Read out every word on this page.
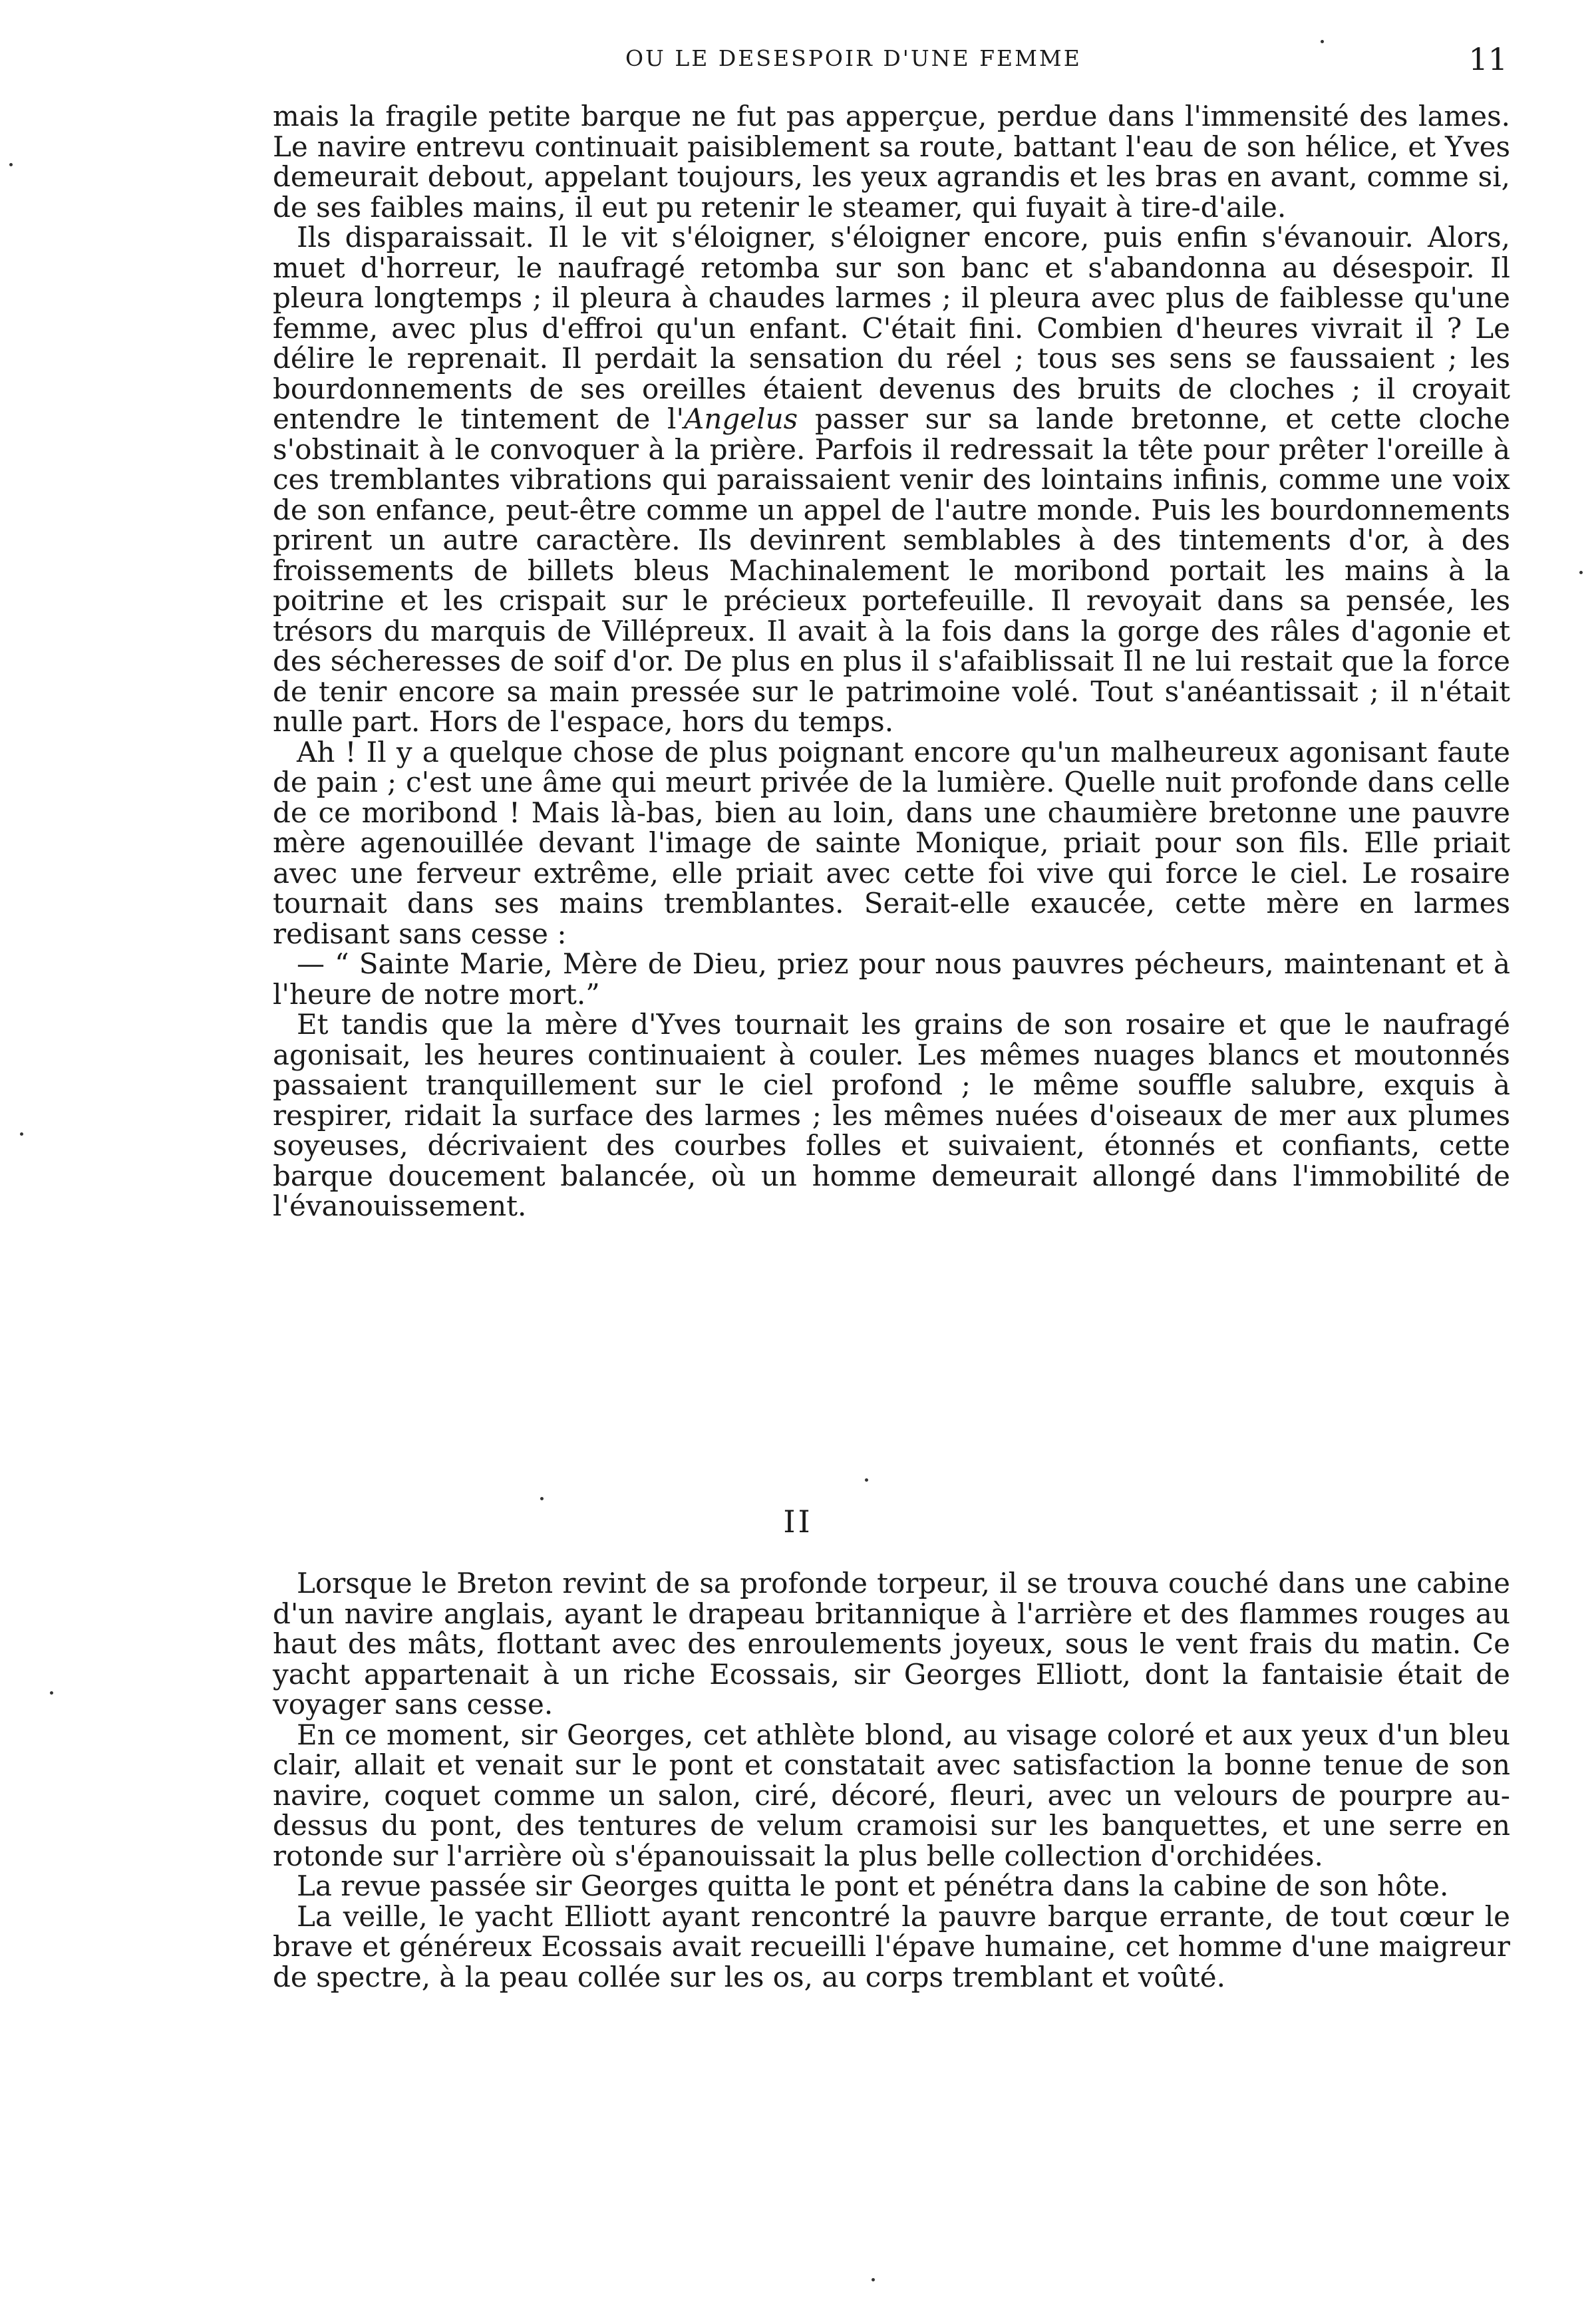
OU LE DESESPOIR D'UNE FEMME	11

mais la fragile petite barque ne fut pas apperçue, perdue dans l'immensité des lames. Le navire entrevu continuait paisiblement sa route, battant l'eau de son hélice, et Yves demeurait debout, appelant toujours, les yeux agrandis et les bras en avant, comme si, de ses faibles mains, il eut pu retenir le steamer, qui fuyait à tire-d'aile.

Ils disparaissait. Il le vit s'éloigner, s'éloigner encore, puis enfin s'évanouir. Alors, muet d'horreur, le naufragé retomba sur son banc et s'abandonna au désespoir. Il pleura longtemps ; il pleura à chaudes larmes ; il pleura avec plus de faiblesse qu'une femme, avec plus d'effroi qu'un enfant. C'était fini. Combien d'heures vivrait il ? Le délire le reprenait. Il perdait la sensation du réel ; tous ses sens se faussaient ; les bourdonnements de ses oreilles étaient devenus des bruits de cloches ; il croyait entendre le tintement de l'Angelus passer sur sa lande bretonne, et cette cloche s'obstinait à le convoquer à la prière. Parfois il redressait la tête pour prêter l'oreille à ces tremblantes vibrations qui paraissaient venir des lointains infinis, comme une voix de son enfance, peut-être comme un appel de l'autre monde. Puis les bourdonnements prirent un autre caractère. Ils devinrent semblables à des tintements d'or, à des froissements de billets bleus Machinalement le moribond portait les mains à la poitrine et les crispait sur le précieux portefeuille. Il revoyait dans sa pensée, les trésors du marquis de Villépreux. Il avait à la fois dans la gorge des râles d'agonie et des sécheresses de soif d'or. De plus en plus il s'afaiblissait Il ne lui restait que la force de tenir encore sa main pressée sur le patrimoine volé. Tout s'anéantissait ; il n'était nulle part. Hors de l'espace, hors du temps.

Ah ! Il y a quelque chose de plus poignant encore qu'un malheureux agonisant faute de pain ; c'est une âme qui meurt privée de la lumière. Quelle nuit profonde dans celle de ce moribond ! Mais là-bas, bien au loin, dans une chaumière bretonne une pauvre mère agenouillée devant l'image de sainte Monique, priait pour son fils. Elle priait avec une ferveur extrême, elle priait avec cette foi vive qui force le ciel. Le rosaire tournait dans ses mains tremblantes. Serait-elle exaucée, cette mère en larmes redisant sans cesse :

— “ Sainte Marie, Mère de Dieu, priez pour nous pauvres pécheurs, maintenant et à l'heure de notre mort.”

Et tandis que la mère d'Yves tournait les grains de son rosaire et que le naufragé agonisait, les heures continuaient à couler. Les mêmes nuages blancs et moutonnés passaient tranquillement sur le ciel profond ; le même souffle salubre, exquis à respirer, ridait la surface des larmes ; les mêmes nuées d'oiseaux de mer aux plumes soyeuses, décrivaient des courbes folles et suivaient, étonnés et confiants, cette barque doucement balancée, où un homme demeurait allongé dans l'immobilité de l'évanouissement.

II

Lorsque le Breton revint de sa profonde torpeur, il se trouva couché dans une cabine d'un navire anglais, ayant le drapeau britannique à l'arrière et des flammes rouges au haut des mâts, flottant avec des enroulements joyeux, sous le vent frais du matin. Ce yacht appartenait à un riche Ecossais, sir Georges Elliott, dont la fantaisie était de voyager sans cesse.

En ce moment, sir Georges, cet athlète blond, au visage coloré et aux yeux d'un bleu clair, allait et venait sur le pont et constatait avec satisfaction la bonne tenue de son navire, coquet comme un salon, ciré, décoré, fleuri, avec un velours de pourpre au-dessus du pont, des tentures de velum cramoisi sur les banquettes, et une serre en rotonde sur l'arrière où s'épanouissait la plus belle collection d'orchidées.

La revue passée sir Georges quitta le pont et pénétra dans la cabine de son hôte.

La veille, le yacht Elliott ayant rencontré la pauvre barque errante, de tout cœur le brave et généreux Ecossais avait recueilli l'épave humaine, cet homme d'une maigreur de spectre, à la peau collée sur les os, au corps tremblant et voûté.
